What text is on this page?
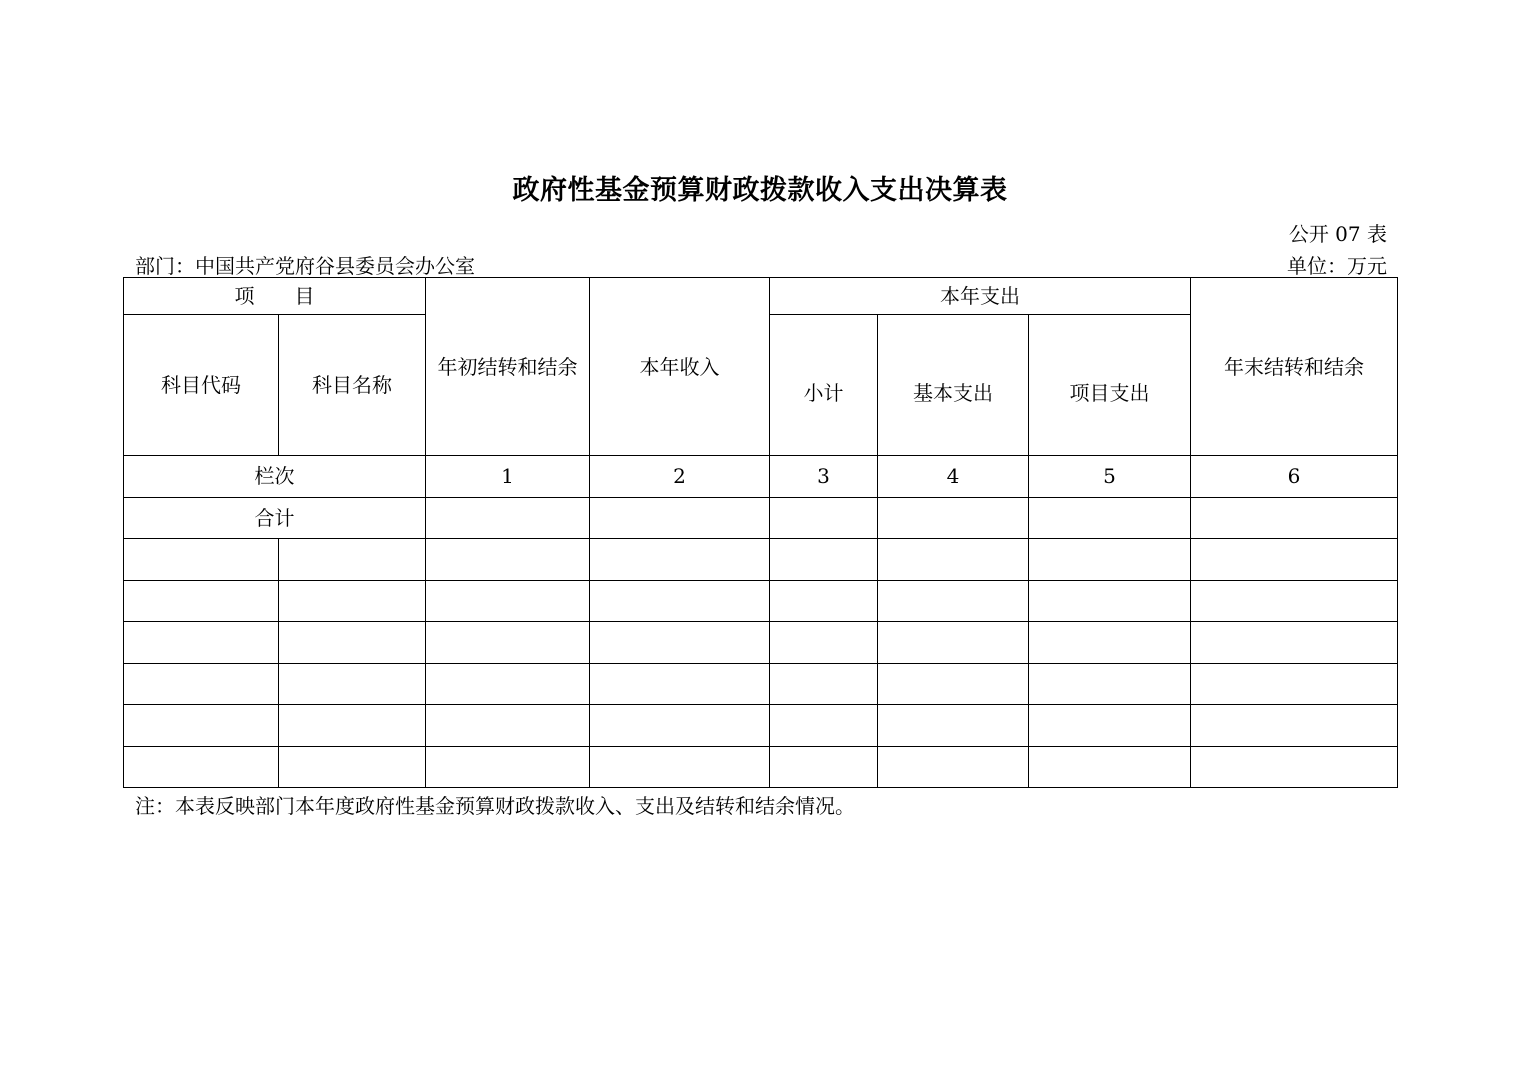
政府性基金预算财政拨款收入支出决算表
公开 07 表
部门：中国共产党府谷县委员会办公室	单位：万元
项　　目		年初结转和结余	本年收入	本年支出			年末结转和结余
科目代码	科目名称			小计	基本支出	项目支出	
栏次		1	2	3	4	5	6
合计							

注：本表反映部门本年度政府性基金预算财政拨款收入、支出及结转和结余情况。
